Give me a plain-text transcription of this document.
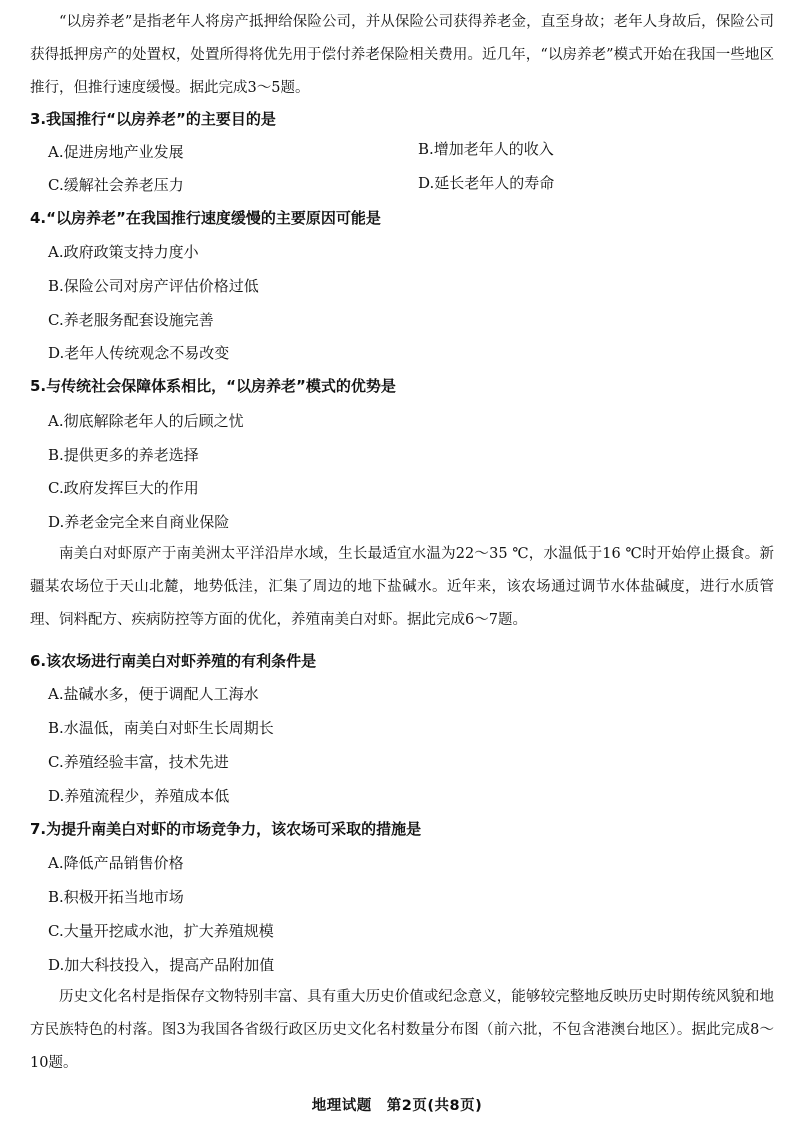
“以房养老”是指老年人将房产抵押给保险公司，并从保险公司获得养老金，直至身故；老年人身故后，保险公司获得抵押房产的处置权，处置所得将优先用于偿付养老保险相关费用。近几年，“以房养老”模式开始在我国一些地区推行，但推行速度缓慢。据此完成3～5题。
3.我国推行“以房养老”的主要目的是
A.促进房地产业发展	B.增加老年人的收入
C.缓解社会养老压力	D.延长老年人的寿命
4.“以房养老”在我国推行速度缓慢的主要原因可能是
A.政府政策支持力度小
B.保险公司对房产评估价格过低
C.养老服务配套设施完善
D.老年人传统观念不易改变
5.与传统社会保障体系相比，“以房养老”模式的优势是
A.彻底解除老年人的后顾之忧
B.提供更多的养老选择
C.政府发挥巨大的作用
D.养老金完全来自商业保险
南美白对虾原产于南美洲太平洋沿岸水域，生长最适宜水温为22～35 ℃，水温低于16 ℃时开始停止摄食。新疆某农场位于天山北麓，地势低洼，汇集了周边的地下盐碱水。近年来，该农场通过调节水体盐碱度，进行水质管理、饲料配方、疾病防控等方面的优化，养殖南美白对虾。据此完成6～7题。
6.该农场进行南美白对虾养殖的有利条件是
A.盐碱水多，便于调配人工海水
B.水温低，南美白对虾生长周期长
C.养殖经验丰富，技术先进
D.养殖流程少，养殖成本低
7.为提升南美白对虾的市场竞争力，该农场可采取的措施是
A.降低产品销售价格
B.积极开拓当地市场
C.大量开挖咸水池，扩大养殖规模
D.加大科技投入，提高产品附加值
历史文化名村是指保存文物特别丰富、具有重大历史价值或纪念意义，能够较完整地反映历史时期传统风貌和地方民族特色的村落。图3为我国各省级行政区历史文化名村数量分布图（前六批，不包含港澳台地区）。据此完成8～10题。
地理试题　第2页(共8页)
